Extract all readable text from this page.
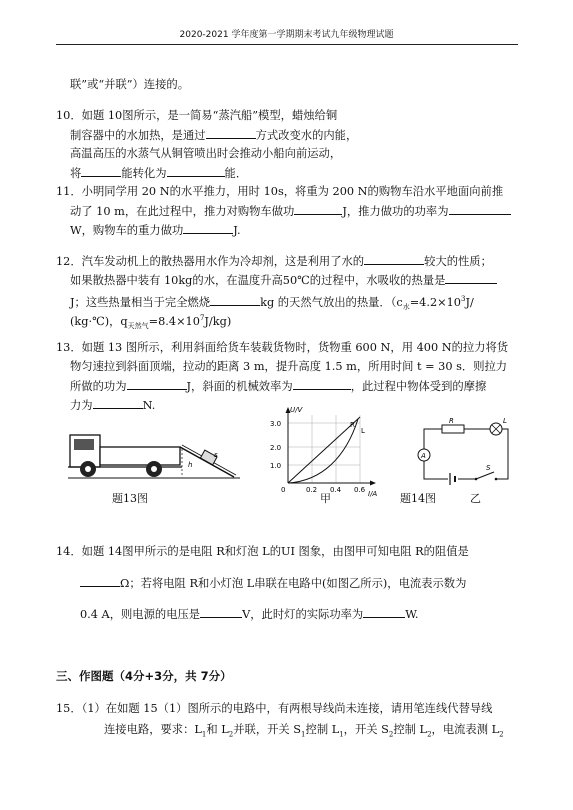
2020-2021 学年度第一学期期末考试九年级物理试题
联”或“并联”）连接的。
10．如题 10图所示，是一简易“蒸汽船”模型，蜡烛给铜
制容器中的水加热，是通过	方式改变水的内能，
高温高压的水蒸气从铜管喷出时会推动小船向前运动，
将	能转化为	能．
11．小明同学用 20 N的水平推力，用时 10s，将重为 200 N的购物车沿水平地面向前推
动了 10 m，在此过程中，推力对购物车做功	J，推力做功的功率为
W，购物车的重力做功	J.
12．汽车发动机上的散热器用水作为冷却剂，这是利用了水的	较大的性质；
如果散热器中装有 10kg的水，在温度升高50℃的过程中，水吸收的热量是
J；这些热量相当于完全燃烧	kg 的天然气放出的热量．（$c_水=4.2\times 10^3J/$
(kg·℃)，$q_{天然气}=8.4\times 10^7J/kg$)
13．如题 13 图所示，利用斜面给货车装载货物时，货物重 600 N，用 400 N的拉力将货
物匀速拉到斜面顶端，拉动的距离 3 m，提升高度 1.5 m，所用时间 t = 30 s．则拉力
所做的功为	J，斜面的机械效率为	，此过程中物体受到的摩擦
力为	N.
h
s
题13图
U/V
I/A
0
3.0
2.0
1.0
0.2 0.4 0.6
R
L
甲
R	L
A
S
题14图	乙
14．如题 14图甲所示的是电阻 R和灯泡 L的UI 图象，由图甲可知电阻 R的阻值是
Ω；若将电阻 R和小灯泡 L串联在电路中(如图乙所示)，电流表示数为
0.4 A，则电源的电压是	V，此时灯的实际功率为	W.
三、作图题（4分+3分，共 7分）
15．（1）在如题 15（1）图所示的电路中，有两根导线尚未连接，请用笔连线代替导线
连接电路，要求：$L_1$和 $L_2$并联，开关 $S_1$控制 $L_1$，开关 $S_2$控制 $L_2$，电流表测 $L_2$
